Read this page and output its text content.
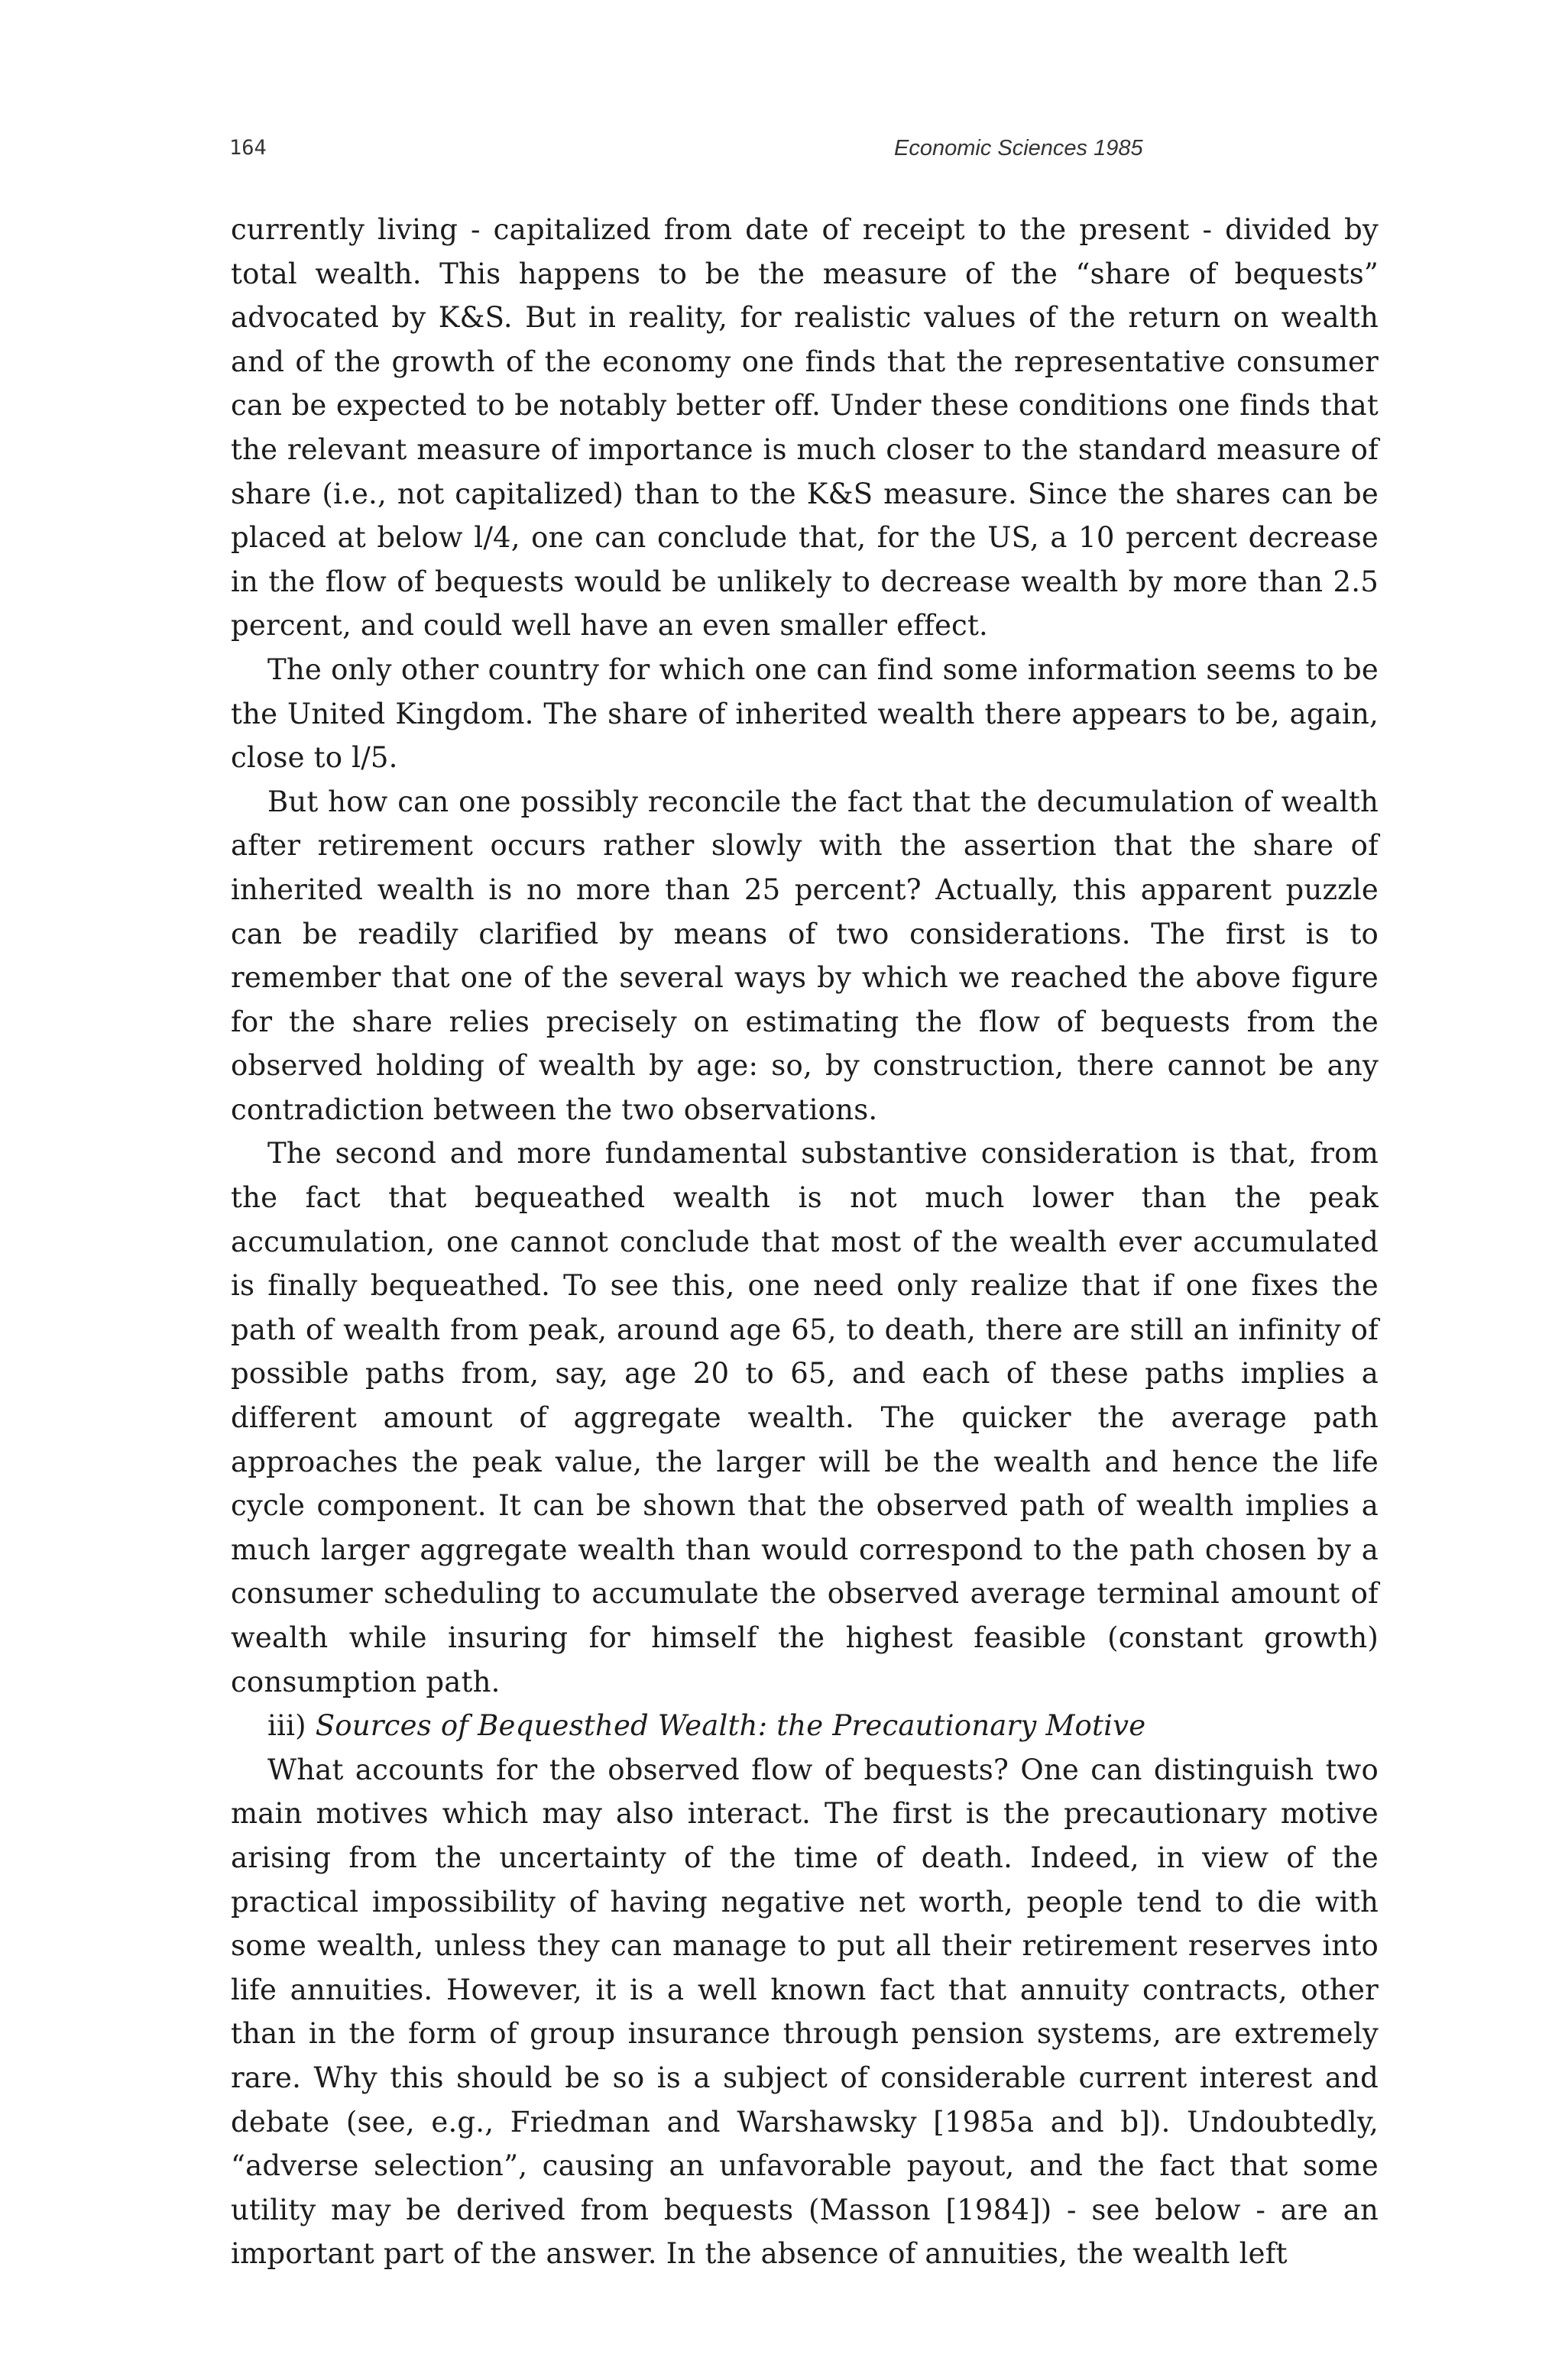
164	Economic Sciences 1985

currently living - capitalized from date of receipt to the present - divided by total wealth. This happens to be the measure of the “share of bequests” advocated by K&S. But in reality, for realistic values of the return on wealth and of the growth of the economy one finds that the representative consumer can be expected to be notably better off. Under these conditions one finds that the relevant measure of importance is much closer to the standard measure of share (i.e., not capitalized) than to the K&S measure. Since the shares can be placed at below l/4, one can conclude that, for the US, a 10 percent decrease in the flow of bequests would be unlikely to decrease wealth by more than 2.5 percent, and could well have an even smaller effect.

The only other country for which one can find some information seems to be the United Kingdom. The share of inherited wealth there appears to be, again, close to l/5.

But how can one possibly reconcile the fact that the decumulation of wealth after retirement occurs rather slowly with the assertion that the share of inherited wealth is no more than 25 percent? Actually, this apparent puzzle can be readily clarified by means of two considerations. The first is to remember that one of the several ways by which we reached the above figure for the share relies precisely on estimating the flow of bequests from the observed holding of wealth by age: so, by construction, there cannot be any contradiction between the two observations.

The second and more fundamental substantive consideration is that, from the fact that bequeathed wealth is not much lower than the peak accumulation, one cannot conclude that most of the wealth ever accumulated is finally bequeathed. To see this, one need only realize that if one fixes the path of wealth from peak, around age 65, to death, there are still an infinity of possible paths from, say, age 20 to 65, and each of these paths implies a different amount of aggregate wealth. The quicker the average path approaches the peak value, the larger will be the wealth and hence the life cycle component. It can be shown that the observed path of wealth implies a much larger aggregate wealth than would correspond to the path chosen by a consumer scheduling to accumulate the observed average terminal amount of wealth while insuring for himself the highest feasible (constant growth) consumption path.

iii) Sources of Bequesthed Wealth: the Precautionary Motive

What accounts for the observed flow of bequests? One can distinguish two main motives which may also interact. The first is the precautionary motive arising from the uncertainty of the time of death. Indeed, in view of the practical impossibility of having negative net worth, people tend to die with some wealth, unless they can manage to put all their retirement reserves into life annuities. However, it is a well known fact that annuity contracts, other than in the form of group insurance through pension systems, are extremely rare. Why this should be so is a subject of considerable current interest and debate (see, e.g., Friedman and Warshawsky [1985a and b]). Undoubtedly, “adverse selection”, causing an unfavorable payout, and the fact that some utility may be derived from bequests (Masson [1984]) - see below - are an important part of the answer. In the absence of annuities, the wealth left
